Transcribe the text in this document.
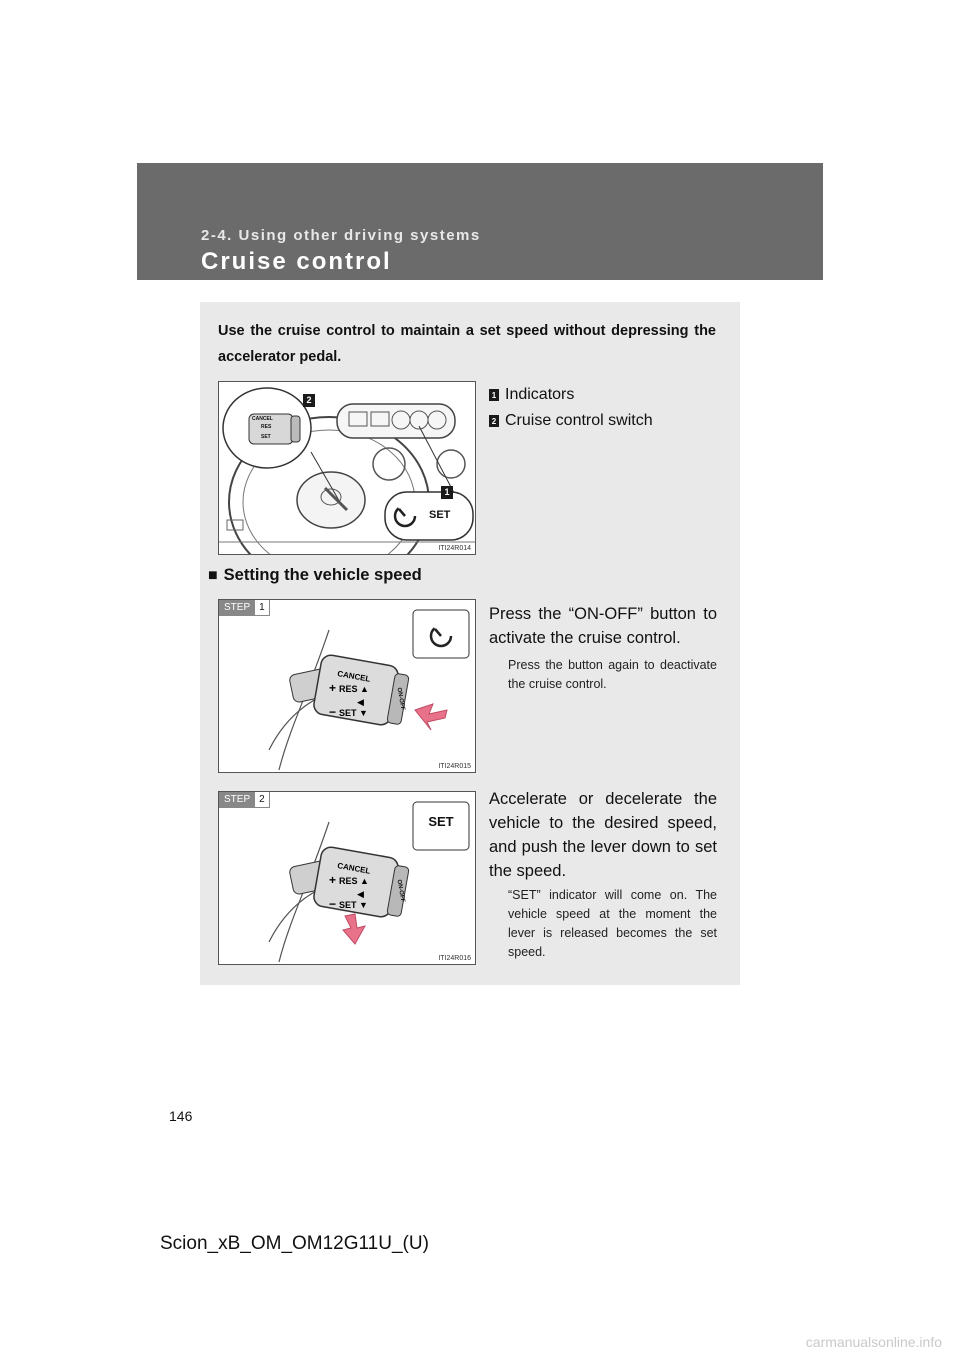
2-4. Using other driving systems
Cruise control
Use the cruise control to maintain a set speed without depressing the accelerator pedal.
CANCEL
RES
SET
2
1
SET
ITI24R014
1 Indicators
2 Cruise control switch
■ Setting the vehicle speed
STEP 1
CANCEL
+ RES ▲
◀
− SET ▼
ON-OFF
ITI24R015
Press the “ON-OFF” button to activate the cruise control.
Press the button again to deactivate the cruise control.
STEP 2
CANCEL
+ RES ▲
◀
− SET ▼
SET
ON-OFF
ITI24R016
Accelerate or decelerate the vehicle to the desired speed, and push the lever down to set the speed.
“SET” indicator will come on. The vehicle speed at the moment the lever is released becomes the set speed.
146
Scion_xB_OM_OM12G11U_(U)
carmanualsonline.info
